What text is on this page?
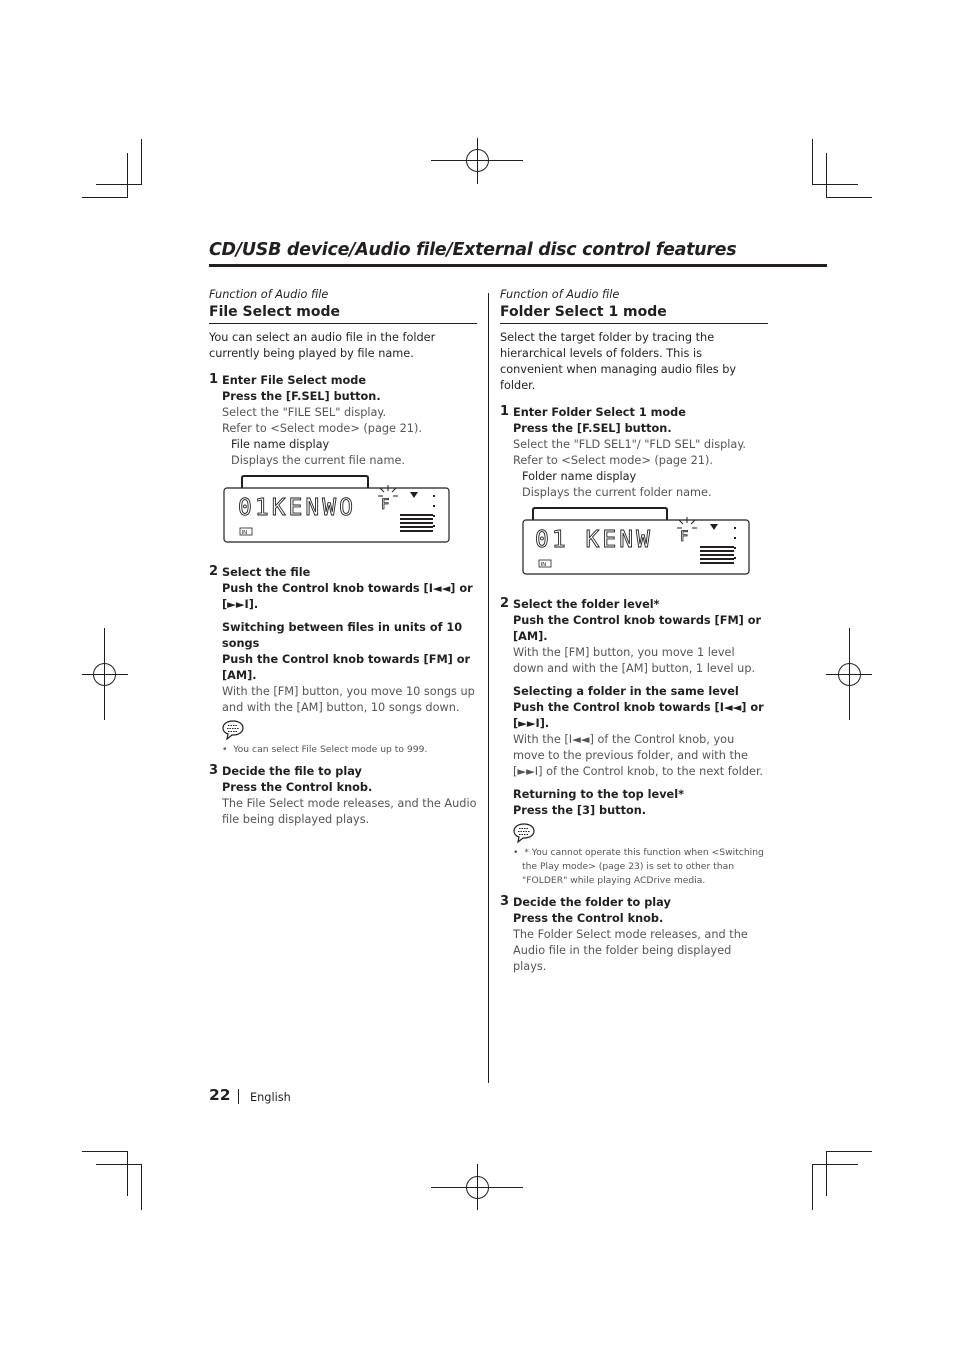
CD/USB device/Audio file/External disc control features

Function of Audio file

File Select mode

You can select an audio file in the folder currently being played by file name.

1 Enter File Select mode

Press the [F.SEL] button.

Select the "FILE SEL" display.

Refer to <Select mode> (page 21).

File name display

Displays the current file name.

01KENWO F
IN
2 Select the file

Push the Control knob towards [I◄◄] or [►►I].

Switching between files in units of 10 songs

Push the Control knob towards [FM] or [AM].

With the [FM] button, you move 10 songs up and with the [AM] button, 10 songs down.

•  You can select File Select mode up to 999.

3 Decide the file to play

Press the Control knob.

The File Select mode releases, and the Audio file being displayed plays.

Function of Audio file

Folder Select 1 mode

Select the target folder by tracing the hierarchical levels of folders. This is convenient when managing audio files by folder.

1 Enter Folder Select 1 mode

Press the [F.SEL] button.

Select the "FLD SEL1"/ "FLD SEL" display.

Refer to <Select mode> (page 21).

Folder name display

Displays the current folder name.

01 KENW F
IN
2 Select the folder level*

Push the Control knob towards [FM] or [AM].

With the [FM] button, you move 1 level down and with the [AM] button, 1 level up.

Selecting a folder in the same level

Push the Control knob towards [I◄◄] or [►►I].

With the [I◄◄] of the Control knob, you move to the previous folder, and with the [►►I] of the Control knob, to the next folder.

Returning to the top level*

Press the [3] button.

•  * You cannot operate this function when <Switching the Play mode> (page 23) is set to other than "FOLDER" while playing ACDrive media.

3 Decide the folder to play

Press the Control knob.

The Folder Select mode releases, and the Audio file in the folder being displayed plays.

22 English
